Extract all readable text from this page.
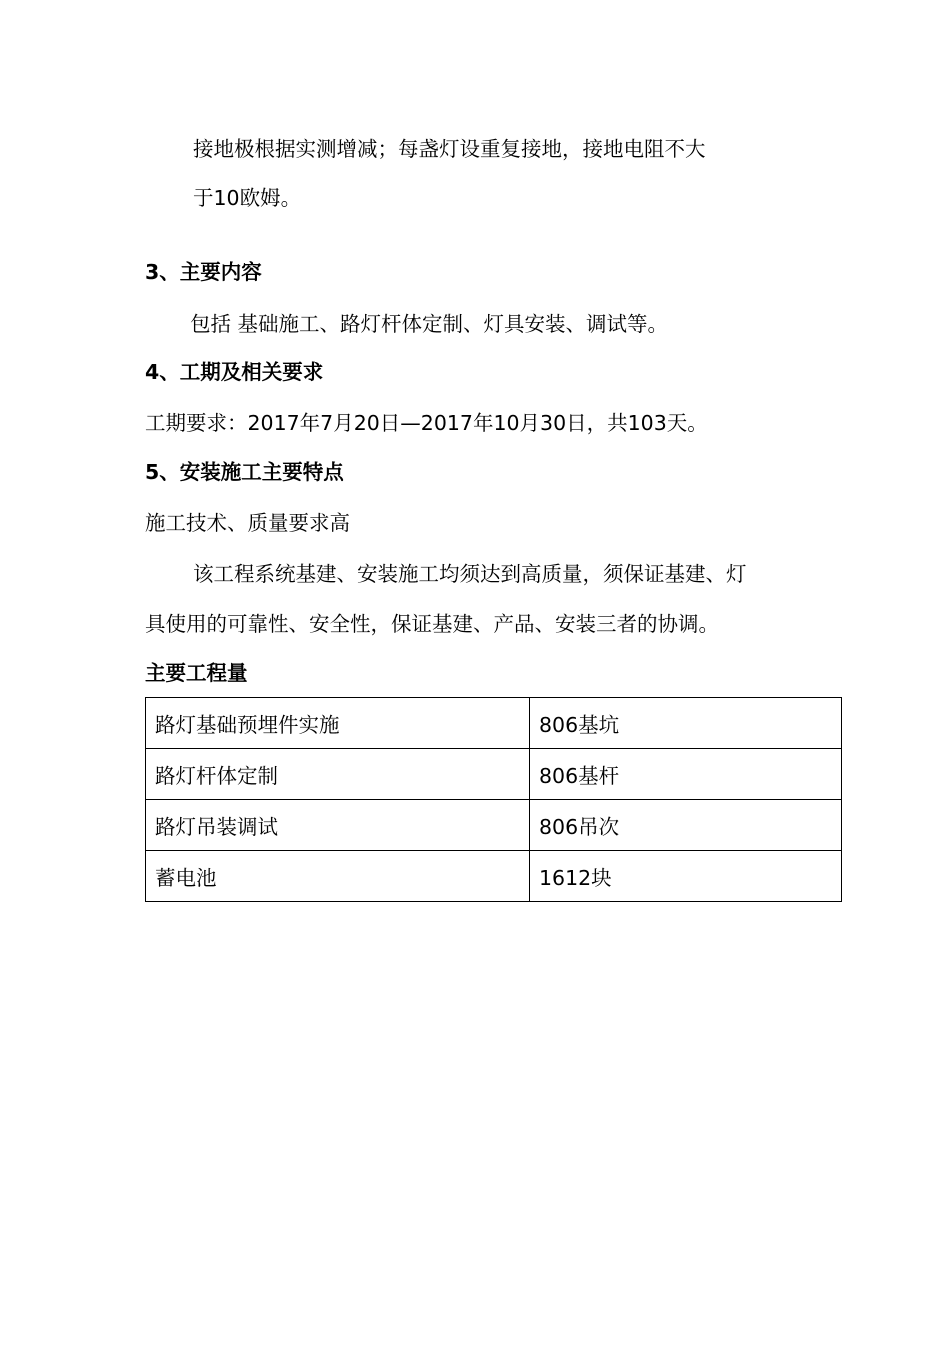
接地极根据实测增减；每盏灯设重复接地，接地电阻不大
于10欧姆。
3、主要内容
包括 基础施工、路灯杆体定制、灯具安装、调试等。
4、工期及相关要求
工期要求：2017年7月20日—2017年10月30日，共103天。
5、安装施工主要特点
施工技术、质量要求高
该工程系统基建、安装施工均须达到高质量，须保证基建、灯
具使用的可靠性、安全性，保证基建、产品、安装三者的协调。
主要工程量
路灯基础预埋件实施	806基坑
路灯杆体定制	806基杆
路灯吊装调试	806吊次
蓄电池	1612块
